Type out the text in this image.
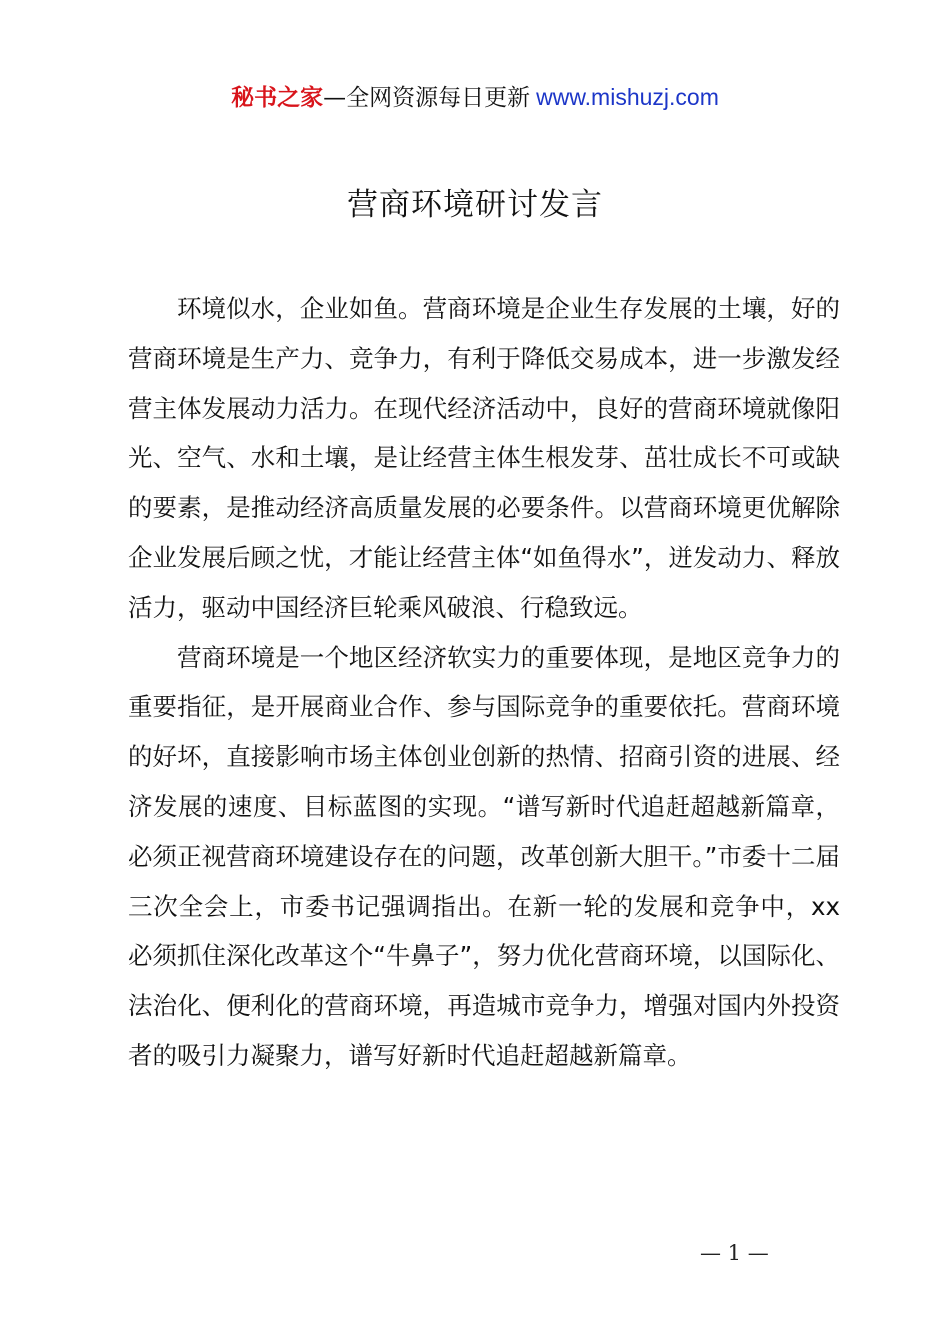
秘书之家—全网资源每日更新 www.mishuzj.com
营商环境研讨发言

环境似水，企业如鱼。营商环境是企业生存发展的土壤，好的营商环境是生产力、竞争力，有利于降低交易成本，进一步激发经营主体发展动力活力。在现代经济活动中，良好的营商环境就像阳光、空气、水和土壤，是让经营主体生根发芽、茁壮成长不可或缺的要素，是推动经济高质量发展的必要条件。以营商环境更优解除企业发展后顾之忧，才能让经营主体“如鱼得水”，迸发动力、释放活力，驱动中国经济巨轮乘风破浪、行稳致远。

营商环境是一个地区经济软实力的重要体现，是地区竞争力的重要指征，是开展商业合作、参与国际竞争的重要依托。营商环境的好坏，直接影响市场主体创业创新的热情、招商引资的进展、经济发展的速度、目标蓝图的实现。“谱写新时代追赶超越新篇章，必须正视营商环境建设存在的问题，改革创新大胆干。”市委十二届三次全会上，市委书记强调指出。在新一轮的发展和竞争中，xx必须抓住深化改革这个“牛鼻子”，努力优化营商环境，以国际化、法治化、便利化的营商环境，再造城市竞争力，增强对国内外投资者的吸引力凝聚力，谱写好新时代追赶超越新篇章。

— 1 —
